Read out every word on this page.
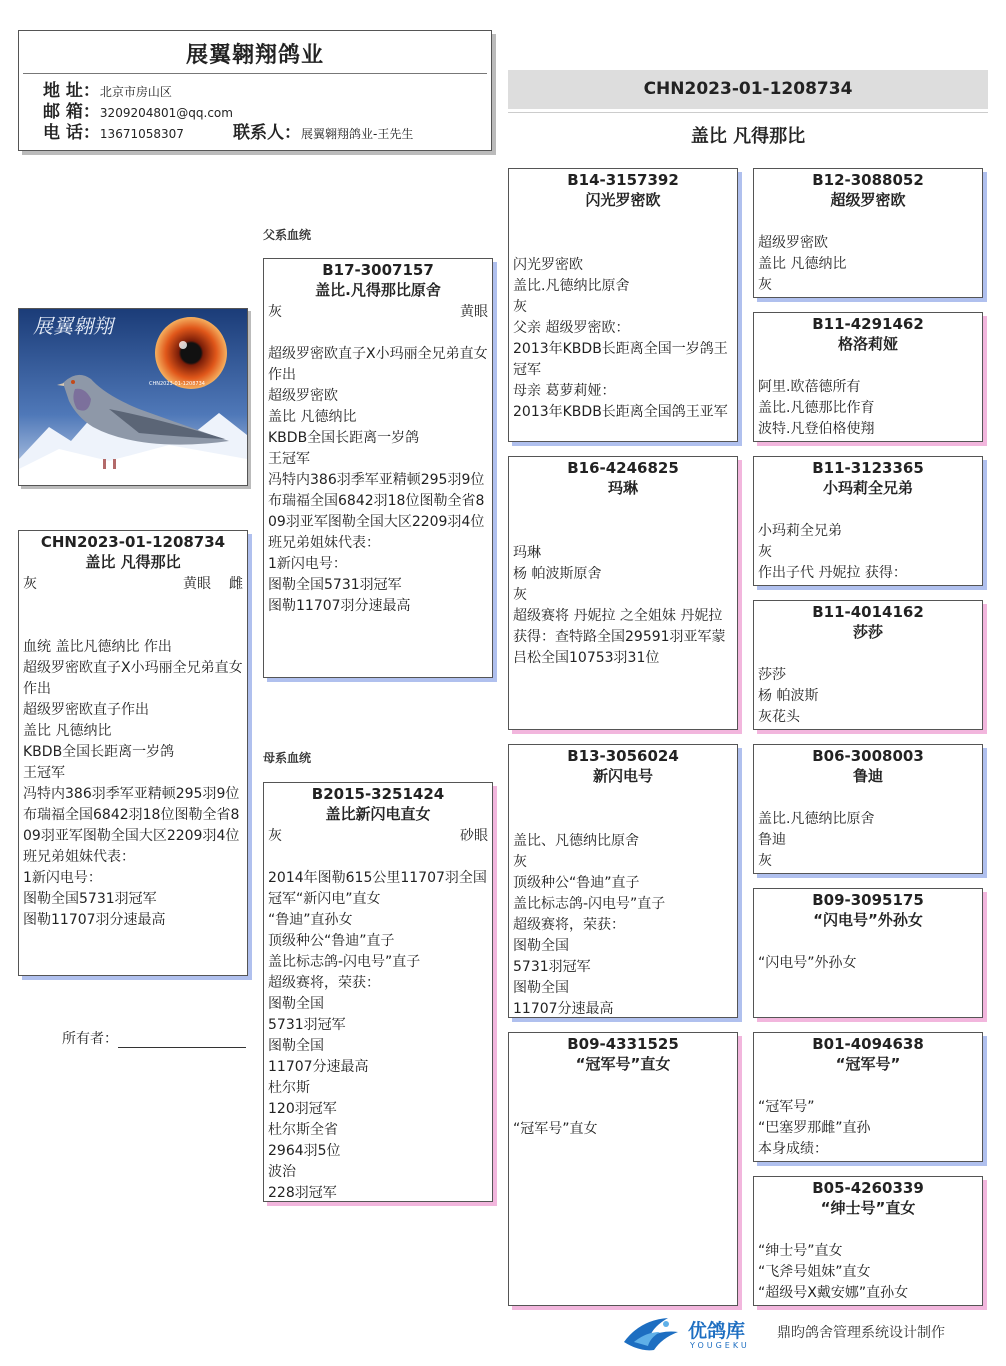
展翼翱翔鸽业
地 址：北京市房山区
邮 箱：3209204801@qq.com
电 话：13671058307	联系人：展翼翱翔鸽业-王先生
CHN2023-01-1208734
盖比 凡得那比
父系血统
母系血统
展翼翱翔
CHN2023-01-1208734
CHN2023-01-1208734
盖比 凡得那比
灰	黄眼 雌
血统 盖比凡德纳比 作出
超级罗密欧直子X小玛丽全兄弟直女作出
超级罗密欧直子作出
盖比 凡德纳比
KBDB全国长距离一岁鸽
王冠军
冯特内386羽季军亚精顿295羽9位布瑞福全国6842羽18位图勒全省809羽亚军图勒全国大区2209羽4位班兄弟姐妹代表：
1新闪电号：
图勒全国5731羽冠军
图勒11707羽分速最高
所有者：
B17-3007157
盖比.凡得那比原舍
灰	黄眼
超级罗密欧直子X小玛丽全兄弟直女作出
超级罗密欧
盖比 凡德纳比
KBDB全国长距离一岁鸽
王冠军
冯特内386羽季军亚精顿295羽9位布瑞福全国6842羽18位图勒全省809羽亚军图勒全国大区2209羽4位班兄弟姐妹代表：
1新闪电号：
图勒全国5731羽冠军
图勒11707羽分速最高
B2015-3251424
盖比新闪电直女
灰	砂眼
2014年图勒615公里11707羽全国冠军“新闪电”直女
“鲁迪”直孙女
顶级种公“鲁迪”直子
盖比标志鸽-闪电号”直子
超级赛将，荣获：
图勒全国
5731羽冠军
图勒全国
11707分速最高
杜尔斯
120羽冠军
杜尔斯全省
2964羽5位
波治
228羽冠军
B14-3157392
闪光罗密欧
闪光罗密欧
盖比.凡德纳比原舍
灰
父亲 超级罗密欧：
2013年KBDB长距离全国一岁鸽王冠军
母亲 葛萝莉娅：
2013年KBDB长距离全国鸽王亚军
B16-4246825
玛琳
玛琳
杨 帕波斯原舍
灰
超级赛将 丹妮拉 之全姐妹 丹妮拉获得：查特路全国29591羽亚军蒙吕松全国10753羽31位
B13-3056024
新闪电号
盖比、凡德纳比原舍
灰
顶级种公“鲁迪”直子
盖比标志鸽-闪电号”直子
超级赛将，荣获：
图勒全国
5731羽冠军
图勒全国
11707分速最高
B09-4331525
“冠军号”直女
“冠军号”直女
B12-3088052
超级罗密欧
超级罗密欧
盖比 凡德纳比
灰
B11-4291462
格洛莉娅
阿里.欧蓓德所有
盖比.凡德那比作育
波特.凡登伯格使翔
B11-3123365
小玛莉全兄弟
小玛莉全兄弟
灰
作出子代 丹妮拉 获得：
B11-4014162
莎莎
莎莎
杨 帕波斯
灰花头
B06-3008003
鲁迪
盖比.凡德纳比原舍
鲁迪
灰
B09-3095175
“闪电号”外孙女
“闪电号”外孙女
B01-4094638
“冠军号”
“冠军号”
“巴塞罗那雌”直孙
本身成绩：
B05-4260339
“绅士号”直女
“绅士号”直女
“飞斧号姐妹”直女
“超级号X戴安娜”直孙女
优鸽库
YOUGEKU
鼎昀鸽舍管理系统设计制作
